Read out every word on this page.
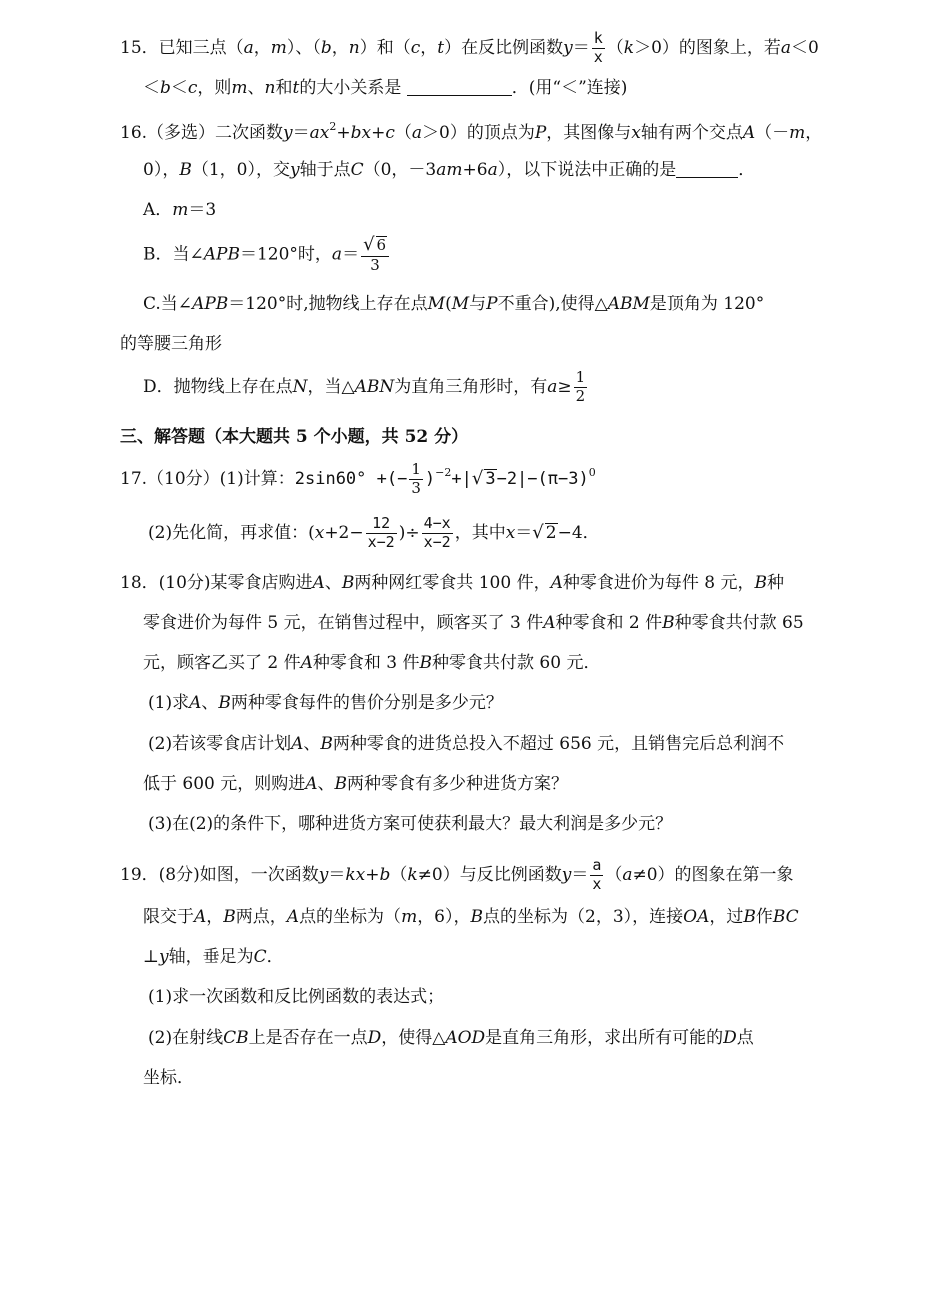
15．已知三点（a，m）、（b，n）和（c，t）在反比例函数$y= \frac{k}{x} (k>0)$的图象上，若a＜0
＜b＜c，则m、n和t的大小关系是	．(用“＜”连接)
16.（多选）二次函数$y=ax^2+bx+c(a>0)$的顶点为P，其图像与x轴有两个交点A（－m，
0），B（1，0），交y轴于点C（0，－3am+6a），以下说法中正确的是	．
A．m＝3
B．当∠APB＝120°时，$a= \frac{√ 6}{3}$
C.当∠APB＝120°时,抛物线上存在点M(M与P不重合),使得△ABM是顶角为 120°
的等腰三角形
D．抛物线上存在点N，当△ABN为直角三角形时，有$a\ge \frac{1}{2}$
三、解答题（本大题共 5 个小题，共 52 分）
17.（10分）(1)计算：2sin60° +(− $\frac{1}{3} )^{-2}+|√$ $3-2|-(\pi-3)^0$
(2)先化简，再求值：($x+2- \frac{12}{x-2}$ )÷ $\frac{4-x}{x-2}$ ，其中x＝√ 2−4．
18．(10分)某零食店购进A、B两种网红零食共 100 件，A种零食进价为每件 8 元，B种
零食进价为每件 5 元，在销售过程中，顾客买了 3 件A种零食和 2 件B种零食共付款 65
元，顾客乙买了 2 件A种零食和 3 件B种零食共付款 60 元．
(1)求A、B两种零食每件的售价分别是多少元？
(2)若该零食店计划A、B两种零食的进货总投入不超过 656 元，且销售完后总利润不
低于 600 元，则购进A、B两种零食有多少种进货方案？
(3)在(2)的条件下，哪种进货方案可使获利最大？最大利润是多少元？
19．(8分)如图，一次函数y＝kx+b（k≠0）与反比例函数$y= \frac{a}{x} (a\ne 0)$的图象在第一象
限交于A，B两点，A点的坐标为（m，6），B点的坐标为（2，3），连接OA，过B作BC
⊥y轴，垂足为C．
(1)求一次函数和反比例函数的表达式；
(2)在射线CB上是否存在一点D，使得△AOD是直角三角形，求出所有可能的D点
坐标．
